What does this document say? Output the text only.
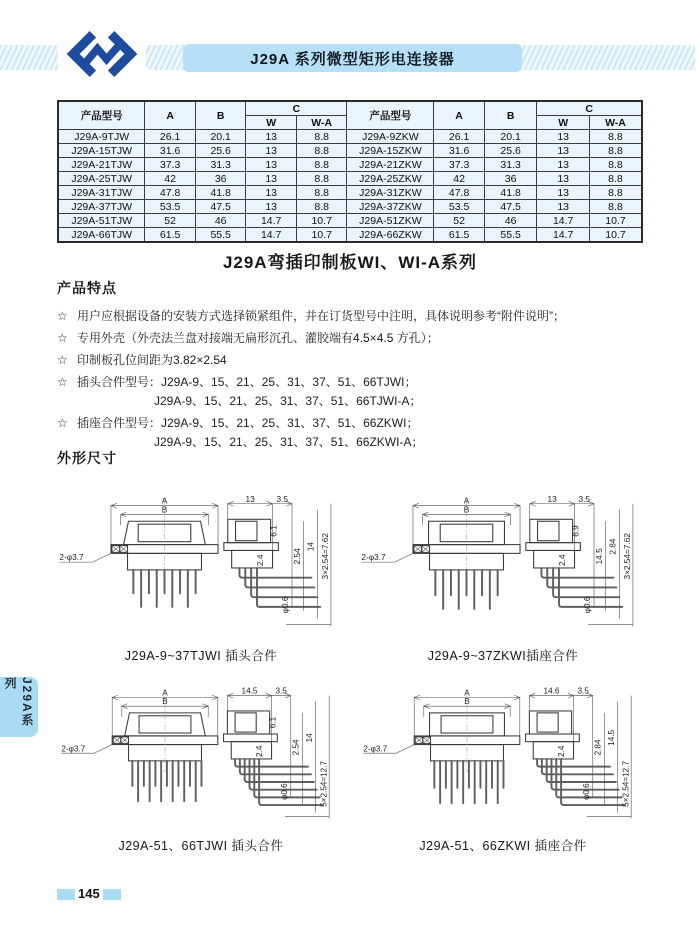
J29A 系列微型矩形电连接器
产品型号	A	B	C		产品型号	A	B	C	
			W	W-A				W	W-A
J29A-9TJW	26.1	20.1	13	8.8	J29A-9ZKW	26.1	20.1	13	8.8
J29A-15TJW	31.6	25.6	13	8.8	J29A-15ZKW	31.6	25.6	13	8.8
J29A-21TJW	37.3	31.3	13	8.8	J29A-21ZKW	37.3	31.3	13	8.8
J29A-25TJW	42	36	13	8.8	J29A-25ZKW	42	36	13	8.8
J29A-31TJW	47.8	41.8	13	8.8	J29A-31ZKW	47.8	41.8	13	8.8
J29A-37TJW	53.5	47.5	13	8.8	J29A-37ZKW	53.5	47.5	13	8.8
J29A-51TJW	52	46	14.7	10.7	J29A-51ZKW	52	46	14.7	10.7
J29A-66TJW	61.5	55.5	14.7	10.7	J29A-66ZKW	61.5	55.5	14.7	10.7
J29A弯插印制板WI、WI-A系列
产品特点
☆ 用户应根据设备的安装方式选择锁紧组件，并在订货型号中注明，具体说明参考“附件说明”；
☆ 专用外壳（外壳法兰盘对接端无扁形沉孔、灌胶端有4.5×4.5 方孔）；
☆ 印制板孔位间距为3.82×2.54
☆ 插头合件型号：J29A-9、15、21、25、31、37、51、66TJWI；
J29A-9、15、21、25、31、37、51、66TJWI-A；
☆ 插座合件型号：J29A-9、15、21、25、31、37、51、66ZKWI；
J29A-9、15、21、25、31、37、51、66ZKWI-A；
外形尺寸
A
B
2-φ3.7
13	3.5
6.1
2.4	2.54
14 3×2.54=7.62
φ0.6
J29A-9~37TJWI 插头合件
A
B
2-φ3.7
13	3.5
6.9
2.4	14.5
2.84 3×2.54=7.62
φ0.6
J29A-9~37ZKWI插座合件
A
B
2-φ3.7
14.5 3.5
6.1
2.4	2.54
14
5×2.54=12.7
φ0.6
J29A-51、66TJWI 插头合件
A
B
2-φ3.7
14.6 3.5
2.4	2.84
14.5
5×2.54=12.7
φ0.6
J29A-51、66ZKWI 插座合件
J29A系列
145
